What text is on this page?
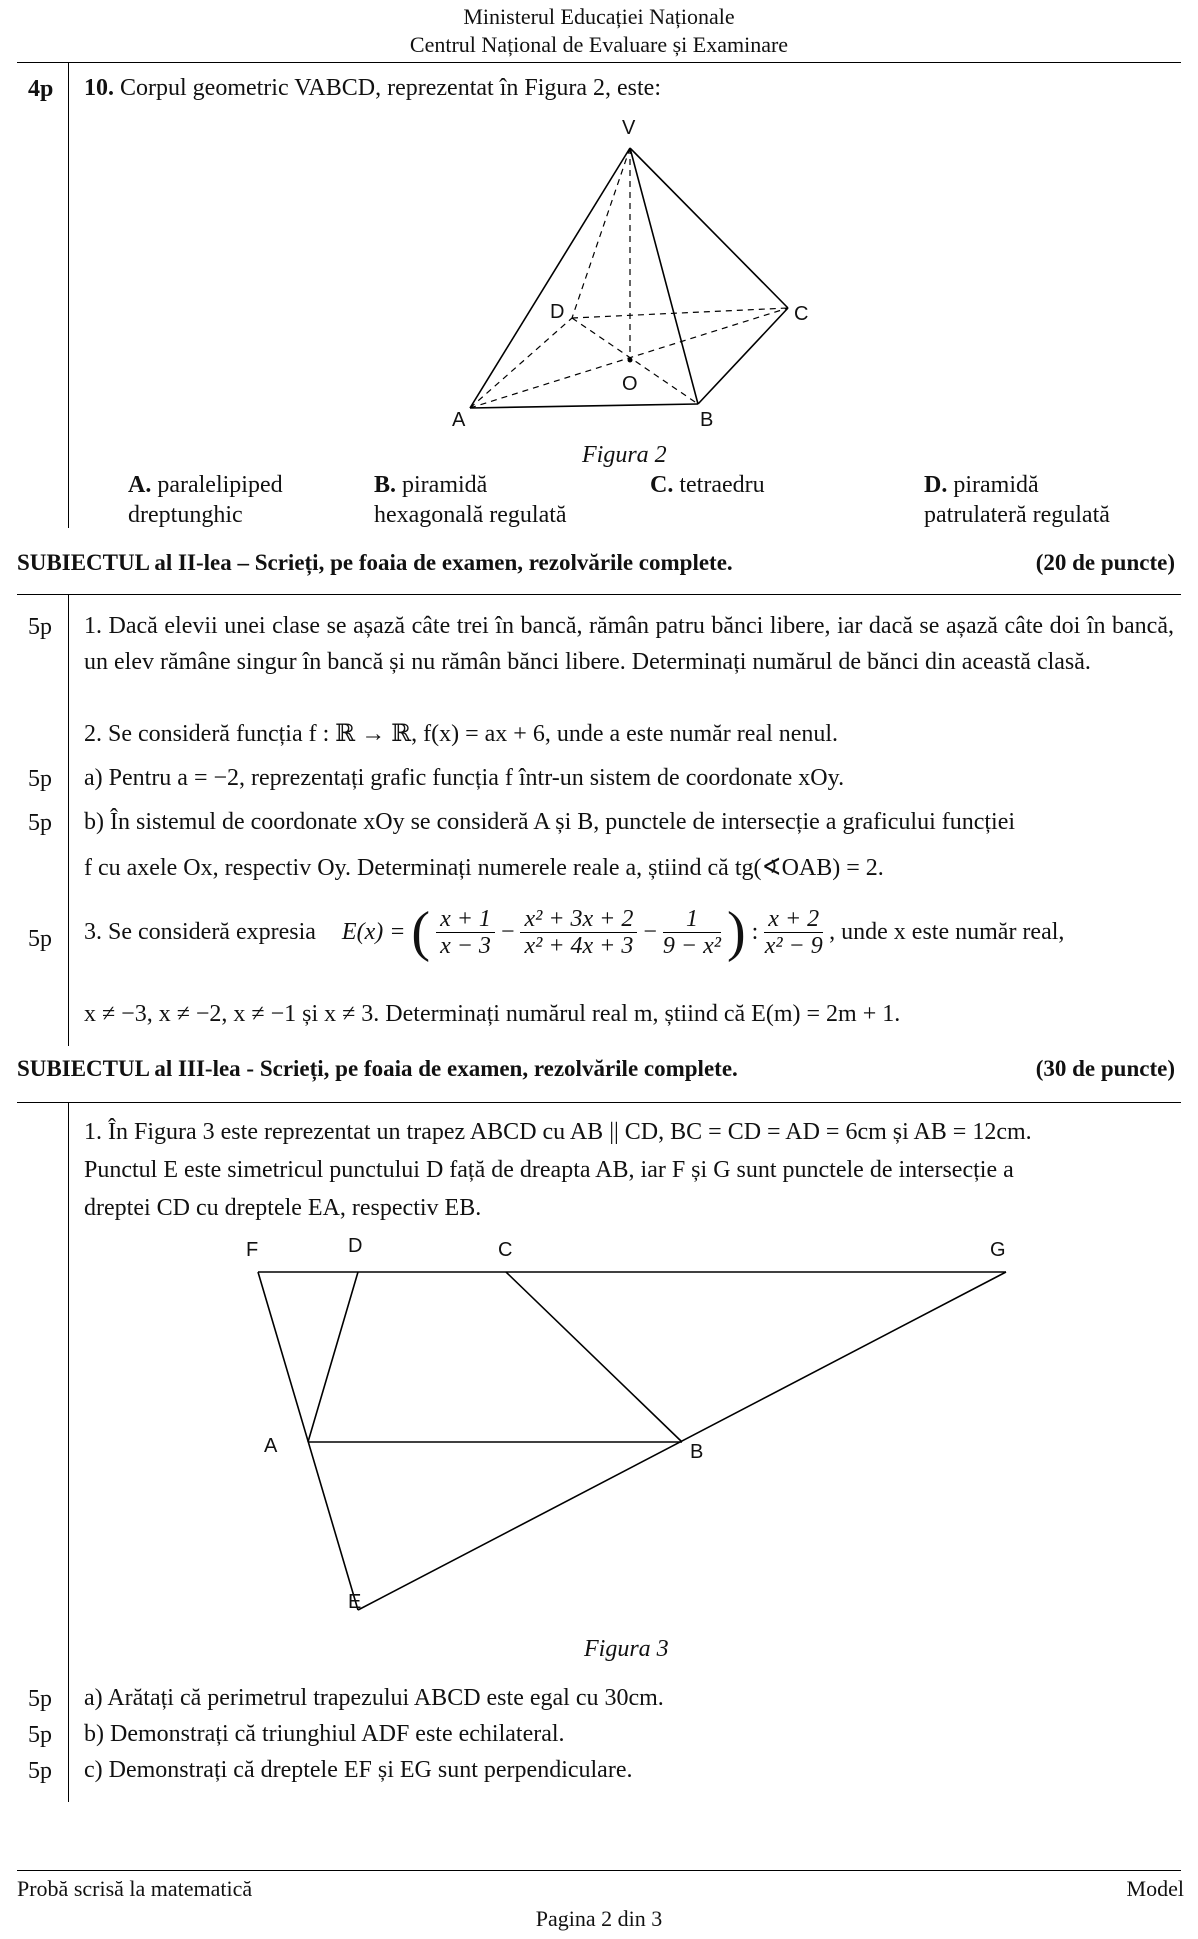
Ministerul Educației Naționale
Centrul Național de Evaluare și Examinare
4p 10. Corpul geometric VABCD, reprezentat în Figura 2, este:
V
A	B
C
D
O
Figura 2
A. paralelipiped
dreptunghic
B. piramidă
hexagonală regulată
C. tetraedru	D. piramidă
patrulateră regulată
SUBIECTUL al II-lea – Scrieți, pe foaia de examen, rezolvările complete.	(20 de puncte)
5p 1. Dacă elevii unei clase se așază câte trei în bancă, rămân patru bănci libere, iar dacă se așază câte doi în bancă, un elev rămâne singur în bancă și nu rămân bănci libere. Determinați numărul de bănci din această clasă.
2. Se consideră funcția f : ℝ → ℝ, f(x) = ax + 6, unde a este număr real nenul.
5p a) Pentru a = −2, reprezentați grafic funcția f într-un sistem de coordonate xOy.
5p b) În sistemul de coordonate xOy se consideră A și B, punctele de intersecție a graficului funcției
f cu axele Ox, respectiv Oy. Determinați numerele reale a, știind că tg(∢OAB) = 2.
5p 3. Se consideră expresia E(x) = ( $\frac{x + 1}{x - 3} - \frac{\text{x² + 3x + 2}}{\text{x² + 4x + 3}} - \frac{1}{\text{9 − x²}}$ ) : $\frac{x + 2}{\text{x² − 9}}$ , unde x este număr real,
x ≠ −3, x ≠ −2, x ≠ −1 și x ≠ 3. Determinați numărul real m, știind că E(m) = 2m + 1.
SUBIECTUL al III-lea - Scrieți, pe foaia de examen, rezolvările complete.	(30 de puncte)
1. În Figura 3 este reprezentat un trapez ABCD cu AB || CD, BC = CD = AD = 6cm și AB = 12cm.
Punctul E este simetricul punctului D față de dreapta AB, iar F și G sunt punctele de intersecție a
dreptei CD cu dreptele EA, respectiv EB.
F	D	C	G
A	B
E
Figura 3
5p a) Arătați că perimetrul trapezului ABCD este egal cu 30cm.
5p b) Demonstrați că triunghiul ADF este echilateral.
5p c) Demonstrați că dreptele EF și EG sunt perpendiculare.
Probă scrisă la matematică	Model
Pagina 2 din 3
